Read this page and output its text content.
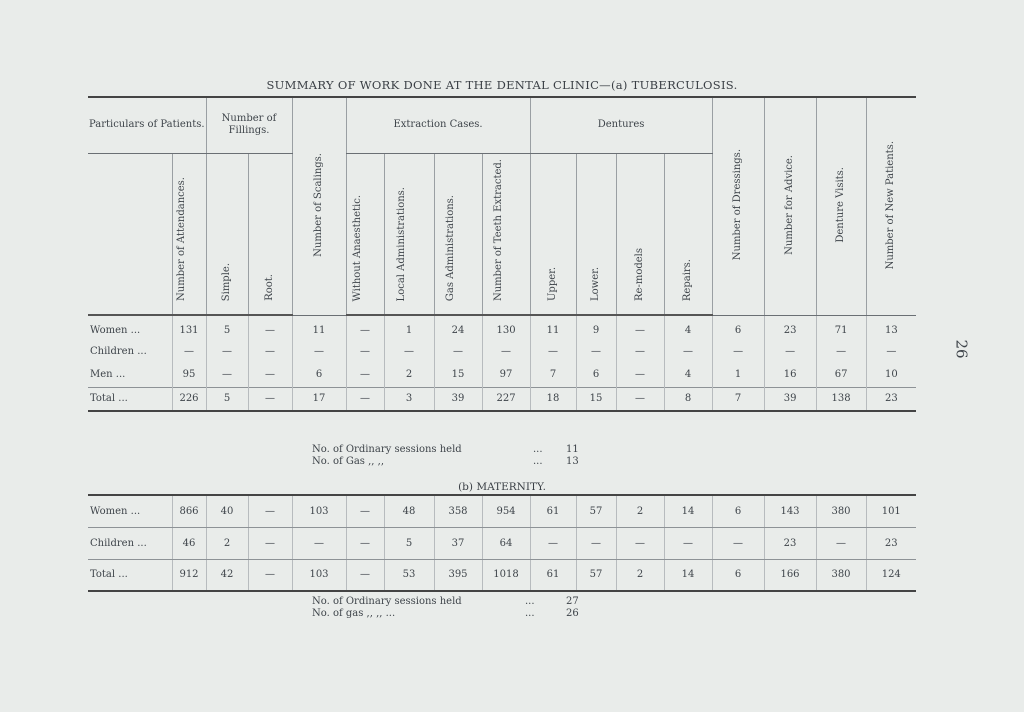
SUMMARY OF WORK DONE AT THE DENTAL CLINIC—(a) TUBERCULOSIS.
Particulars of Patients.		Number of Fillings.		Number of Scalings.	Extraction Cases.				Dentures				Number of Dressings.	Number for Advice.	Denture Visits.	Number of New Patients.
	Number of Attendances.	Simple.	Root.		Without Anaesthetic.	Local Administrations.	Gas Administrations.	Number of Teeth Extracted.	Upper.	Lower.	Re-models	Repairs.				
Women ...	131	5	—	11	—	1	24	130	11	9	—	4	6	23	71	13
Children ...	—	—	—	—	—	—	—	—	—	—	—	—	—	—	—	—
Men ...	95	—	—	6	—	2	15	97	7	6	—	4	1	16	67	10
Total ...	226	5	—	17	—	3	39	227	18	15	—	8	7	39	138	23
No. of Ordinary sessions held	... 11
No. of Gas ,, ,,	... 13
(b) MATERNITY.
Women ...	866	40	—	103	—	48	358	954	61	57	2	14	6	143	380	101
Children ...	46	2	—	—	—	5	37	64	—	—	—	—	—	23	—	23
Total ...	912	42	—	103	—	53	395	1018	61	57	2	14	6	166	380	124
No. of Ordinary sessions held	...	27
No. of gas ,, ,, ...	...	26
26
